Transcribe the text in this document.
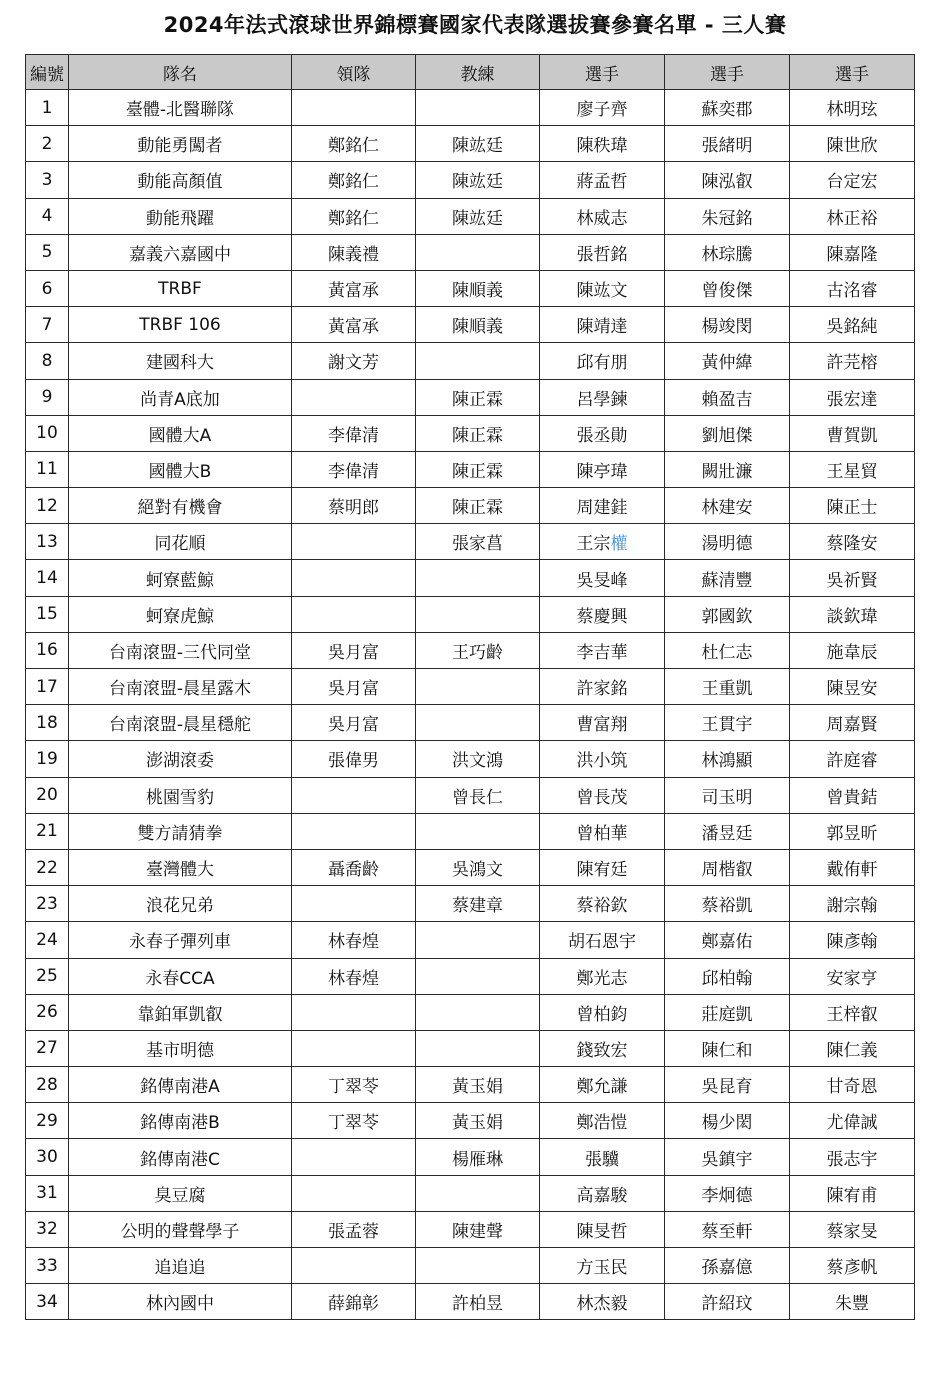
2024年法式滾球世界錦標賽國家代表隊選拔賽參賽名單 - 三人賽
編號	隊名	領隊	教練	選手	選手	選手
1	臺體-北醫聯隊			廖子齊	蘇奕郡	林明玹
2	動能勇闖者	鄭銘仁	陳竑廷	陳秩瑋	張緒明	陳世欣
3	動能高顏值	鄭銘仁	陳竑廷	蔣孟哲	陳泓叡	台定宏
4	動能飛躍	鄭銘仁	陳竑廷	林威志	朱冠銘	林正裕
5	嘉義六嘉國中	陳義禮		張哲銘	林琮騰	陳嘉隆
6	TRBF	黃富承	陳順義	陳竑文	曾俊傑	古洺睿
7	TRBF 106	黃富承	陳順義	陳靖達	楊竣閔	吳銘純
8	建國科大	謝文芳		邱有朋	黃仲緯	許芫榕
9	尚青A底加		陳正霖	呂學鍊	賴盈吉	張宏達
10	國體大A	李偉清	陳正霖	張丞勛	劉旭傑	曹賀凱
11	國體大B	李偉清	陳正霖	陳亭瑋	闕壯濂	王星貿
12	絕對有機會	蔡明郎	陳正霖	周建銈	林建安	陳正士
13	同花順		張家菖	王宗權	湯明德	蔡隆安
14	蚵寮藍鯨			吳旻峰	蘇清豐	吳祈賢
15	蚵寮虎鯨			蔡慶興	郭國欽	談欽瑋
16	台南滾盟-三代同堂	吳月富	王巧齡	李吉華	杜仁志	施韋辰
17	台南滾盟-晨星露木	吳月富		許家銘	王重凱	陳昱安
18	台南滾盟-晨星穩舵	吳月富		曹富翔	王貫宇	周嘉賢
19	澎湖滾委	張偉男	洪文鴻	洪小筑	林鴻顯	許庭睿
20	桃園雪豹		曾長仁	曾長茂	司玉明	曾貴銡
21	雙方請猜拳			曾柏華	潘昱廷	郭昱昕
22	臺灣體大	聶喬齡	吳鴻文	陳宥廷	周楷叡	戴侑軒
23	浪花兄弟		蔡建章	蔡裕欽	蔡裕凱	謝宗翰
24	永春子彈列車	林春煌		胡石恩宇	鄭嘉佑	陳彥翰
25	永春CCA	林春煌		鄭光志	邱柏翰	安家亨
26	靠鉑軍凱叡			曾柏鈞	莊庭凱	王梓叡
27	基市明德			錢致宏	陳仁和	陳仁義
28	銘傳南港A	丁翠苓	黃玉娟	鄭允謙	吳昆育	甘奇恩
29	銘傳南港B	丁翠苓	黃玉娟	鄭浩愷	楊少閎	尤偉誠
30	銘傳南港C		楊雁琳	張驥	吳鎮宇	張志宇
31	臭豆腐			高嘉駿	李炯德	陳宥甫
32	公明的聲聲學子	張孟蓉	陳建聲	陳旻哲	蔡至軒	蔡家旻
33	追追追			方玉民	孫嘉億	蔡彥帆
34	林內國中	薛錦彰	許柏昱	林杰毅	許紹玟	朱豐
